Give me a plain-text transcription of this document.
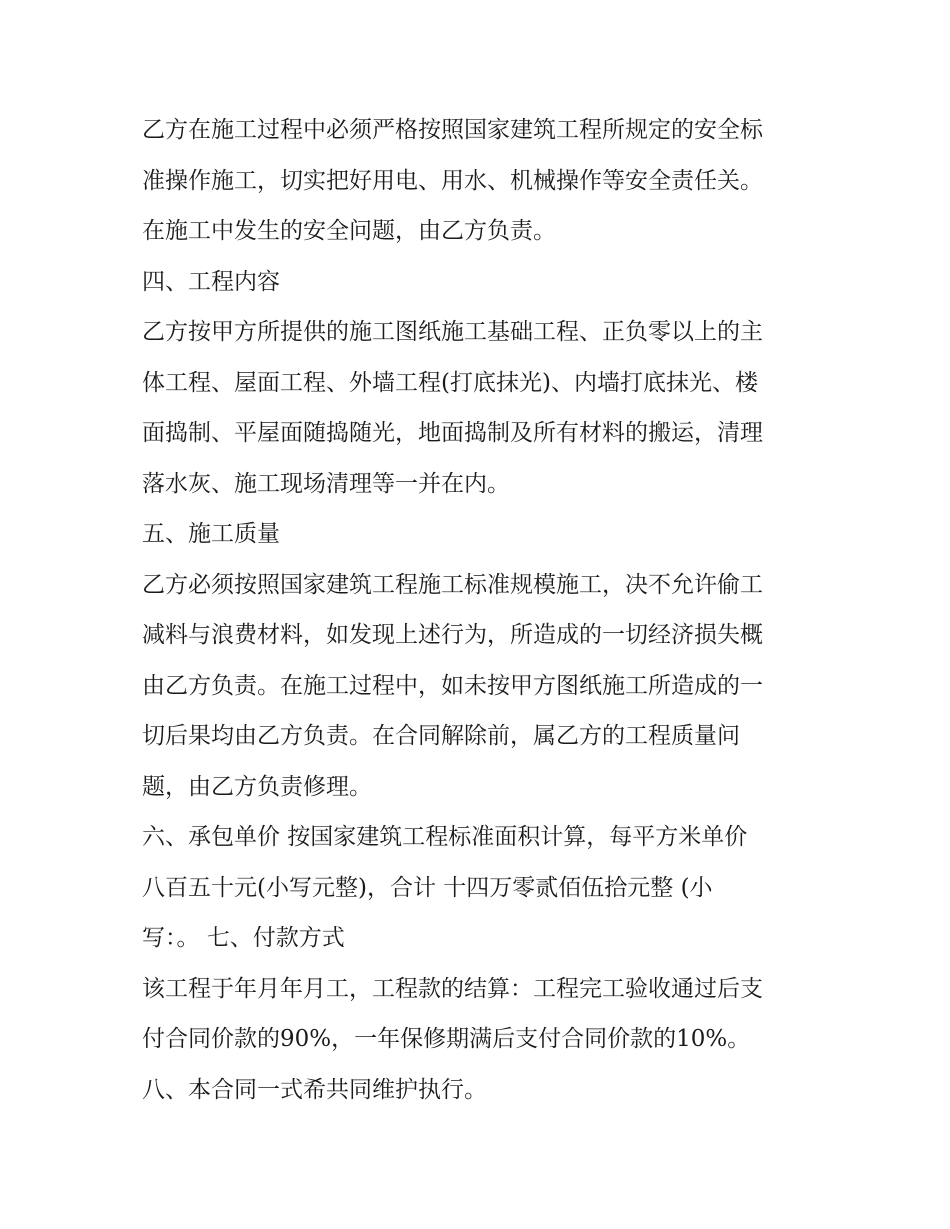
乙方在施工过程中必须严格按照国家建筑工程所规定的安全标
准操作施工，切实把好用电、用水、机械操作等安全责任关。
在施工中发生的安全问题，由乙方负责。
四、工程内容
乙方按甲方所提供的施工图纸施工基础工程、正负零以上的主
体工程、屋面工程、外墙工程(打底抹光)、内墙打底抹光、楼
面捣制、平屋面随捣随光，地面捣制及所有材料的搬运，清理
落水灰、施工现场清理等一并在内。
五、施工质量
乙方必须按照国家建筑工程施工标准规模施工，决不允许偷工
减料与浪费材料，如发现上述行为，所造成的一切经济损失概
由乙方负责。在施工过程中，如未按甲方图纸施工所造成的一
切后果均由乙方负责。在合同解除前，属乙方的工程质量问
题，由乙方负责修理。
六、承包单价 按国家建筑工程标准面积计算，每平方米单价
八百五十元(小写元整)，合计 十四万零贰佰伍拾元整 (小
写：。 七、付款方式
该工程于年月年月工，工程款的结算：工程完工验收通过后支
付合同价款的90%，一年保修期满后支付合同价款的10%。
八、本合同一式希共同维护执行。
